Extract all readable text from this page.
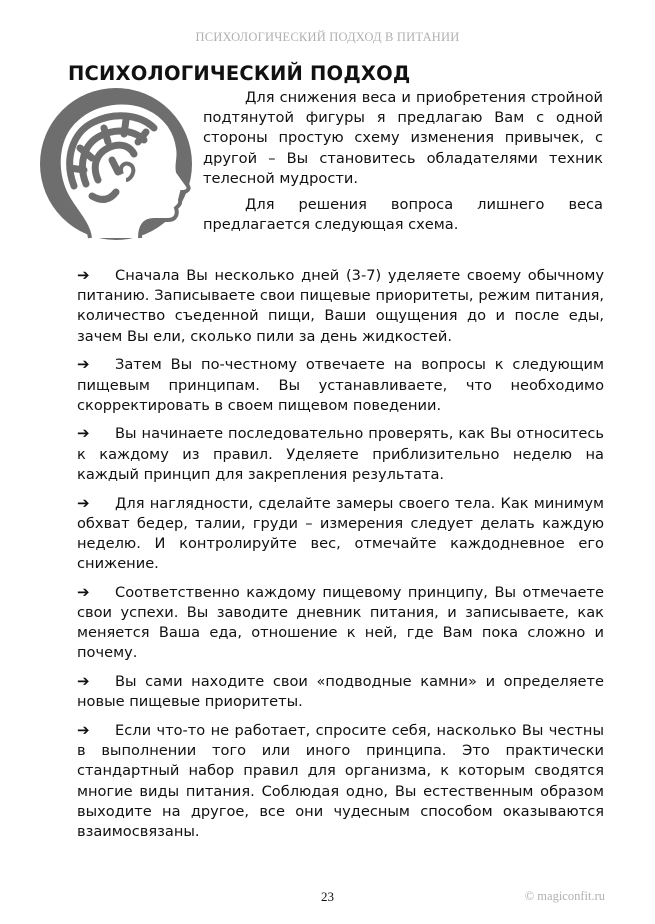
ПСИХОЛОГИЧЕСКИЙ ПОДХОД В ПИТАНИИ
ПСИХОЛОГИЧЕСКИЙ ПОДХОД

Для снижения веса и приобретения стройной подтянутой фигуры я предлагаю Вам с одной стороны простую схему изменения привычек, с другой – Вы становитесь обладателями техник телесной мудрости.

Для решения вопроса лишнего веса предлагается следующая схема.

➔ Сначала Вы несколько дней (3-7) уделяете своему обычному питанию. Записываете свои пищевые приоритеты, режим питания, количество съеденной пищи, Ваши ощущения до и после еды, зачем Вы ели, сколько пили за день жидкостей.

➔ Затем Вы по-честному отвечаете на вопросы к следующим пищевым принципам. Вы устанавливаете, что необходимо скорректировать в своем пищевом поведении.

➔ Вы начинаете последовательно проверять, как Вы относитесь к каждому из правил. Уделяете приблизительно неделю на каждый принцип для закрепления результата.

➔ Для наглядности, сделайте замеры своего тела. Как минимум обхват бедер, талии, груди – измерения следует делать каждую неделю. И контролируйте вес, отмечайте каждодневное его снижение.

➔ Соответственно каждому пищевому принципу, Вы отмечаете свои успехи. Вы заводите дневник питания, и записываете, как меняется Ваша еда, отношение к ней, где Вам пока сложно и почему.

➔ Вы сами находите свои «подводные камни» и определяете новые пищевые приоритеты.

➔ Если что-то не работает, спросите себя, насколько Вы честны в выполнении того или иного принципа. Это практически стандартный набор правил для организма, к которым сводятся многие виды питания. Соблюдая одно, Вы естественным образом выходите на другое, все они чудесным способом оказываются взаимосвязаны.

23	© magiconfit.ru
